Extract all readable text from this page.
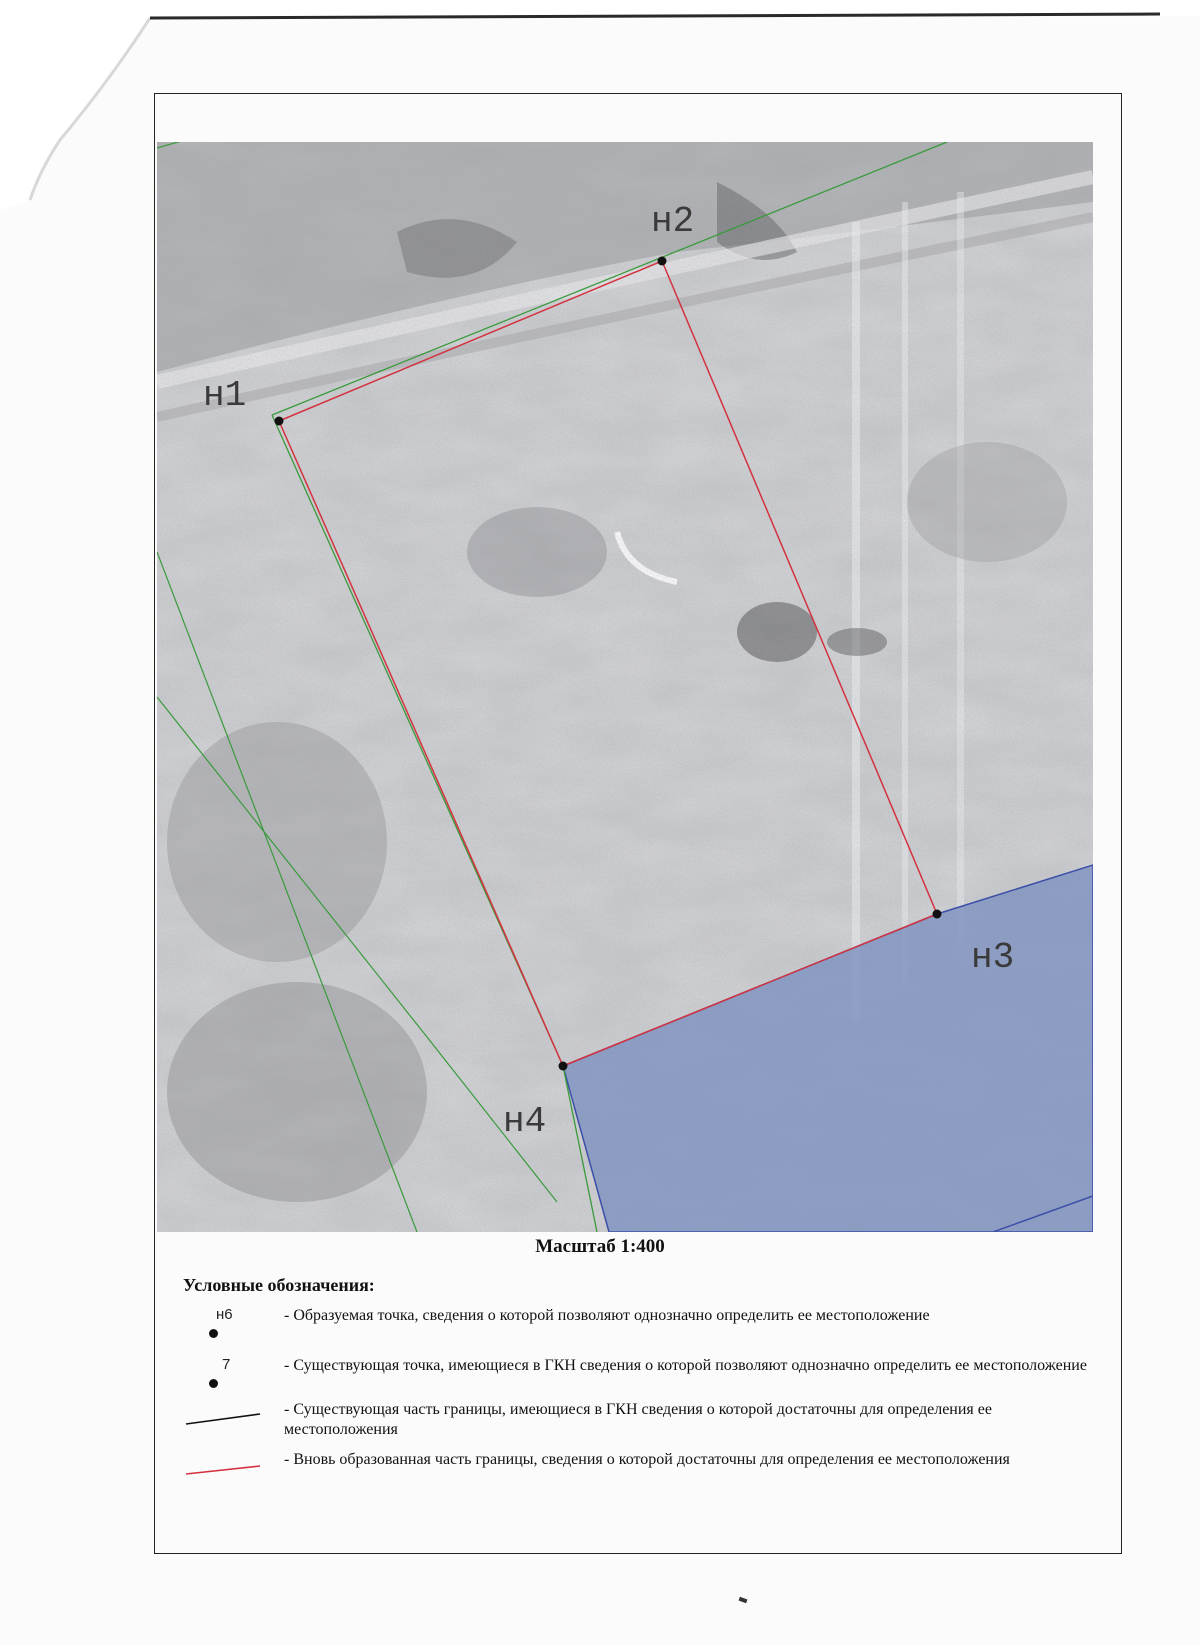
н1
н2
н3
н4
Масштаб 1:400
Условные обозначения:
н6	- Образуемая точка, сведения о которой позволяют однозначно определить ее местоположение
7	- Существующая точка, имеющиеся в ГКН сведения о которой позволяют однозначно определить ее местоположение
- Существующая часть границы, имеющиеся в ГКН сведения о которой достаточны для определения ее местоположения
- Вновь образованная часть границы, сведения о которой достаточны для определения ее местоположения
